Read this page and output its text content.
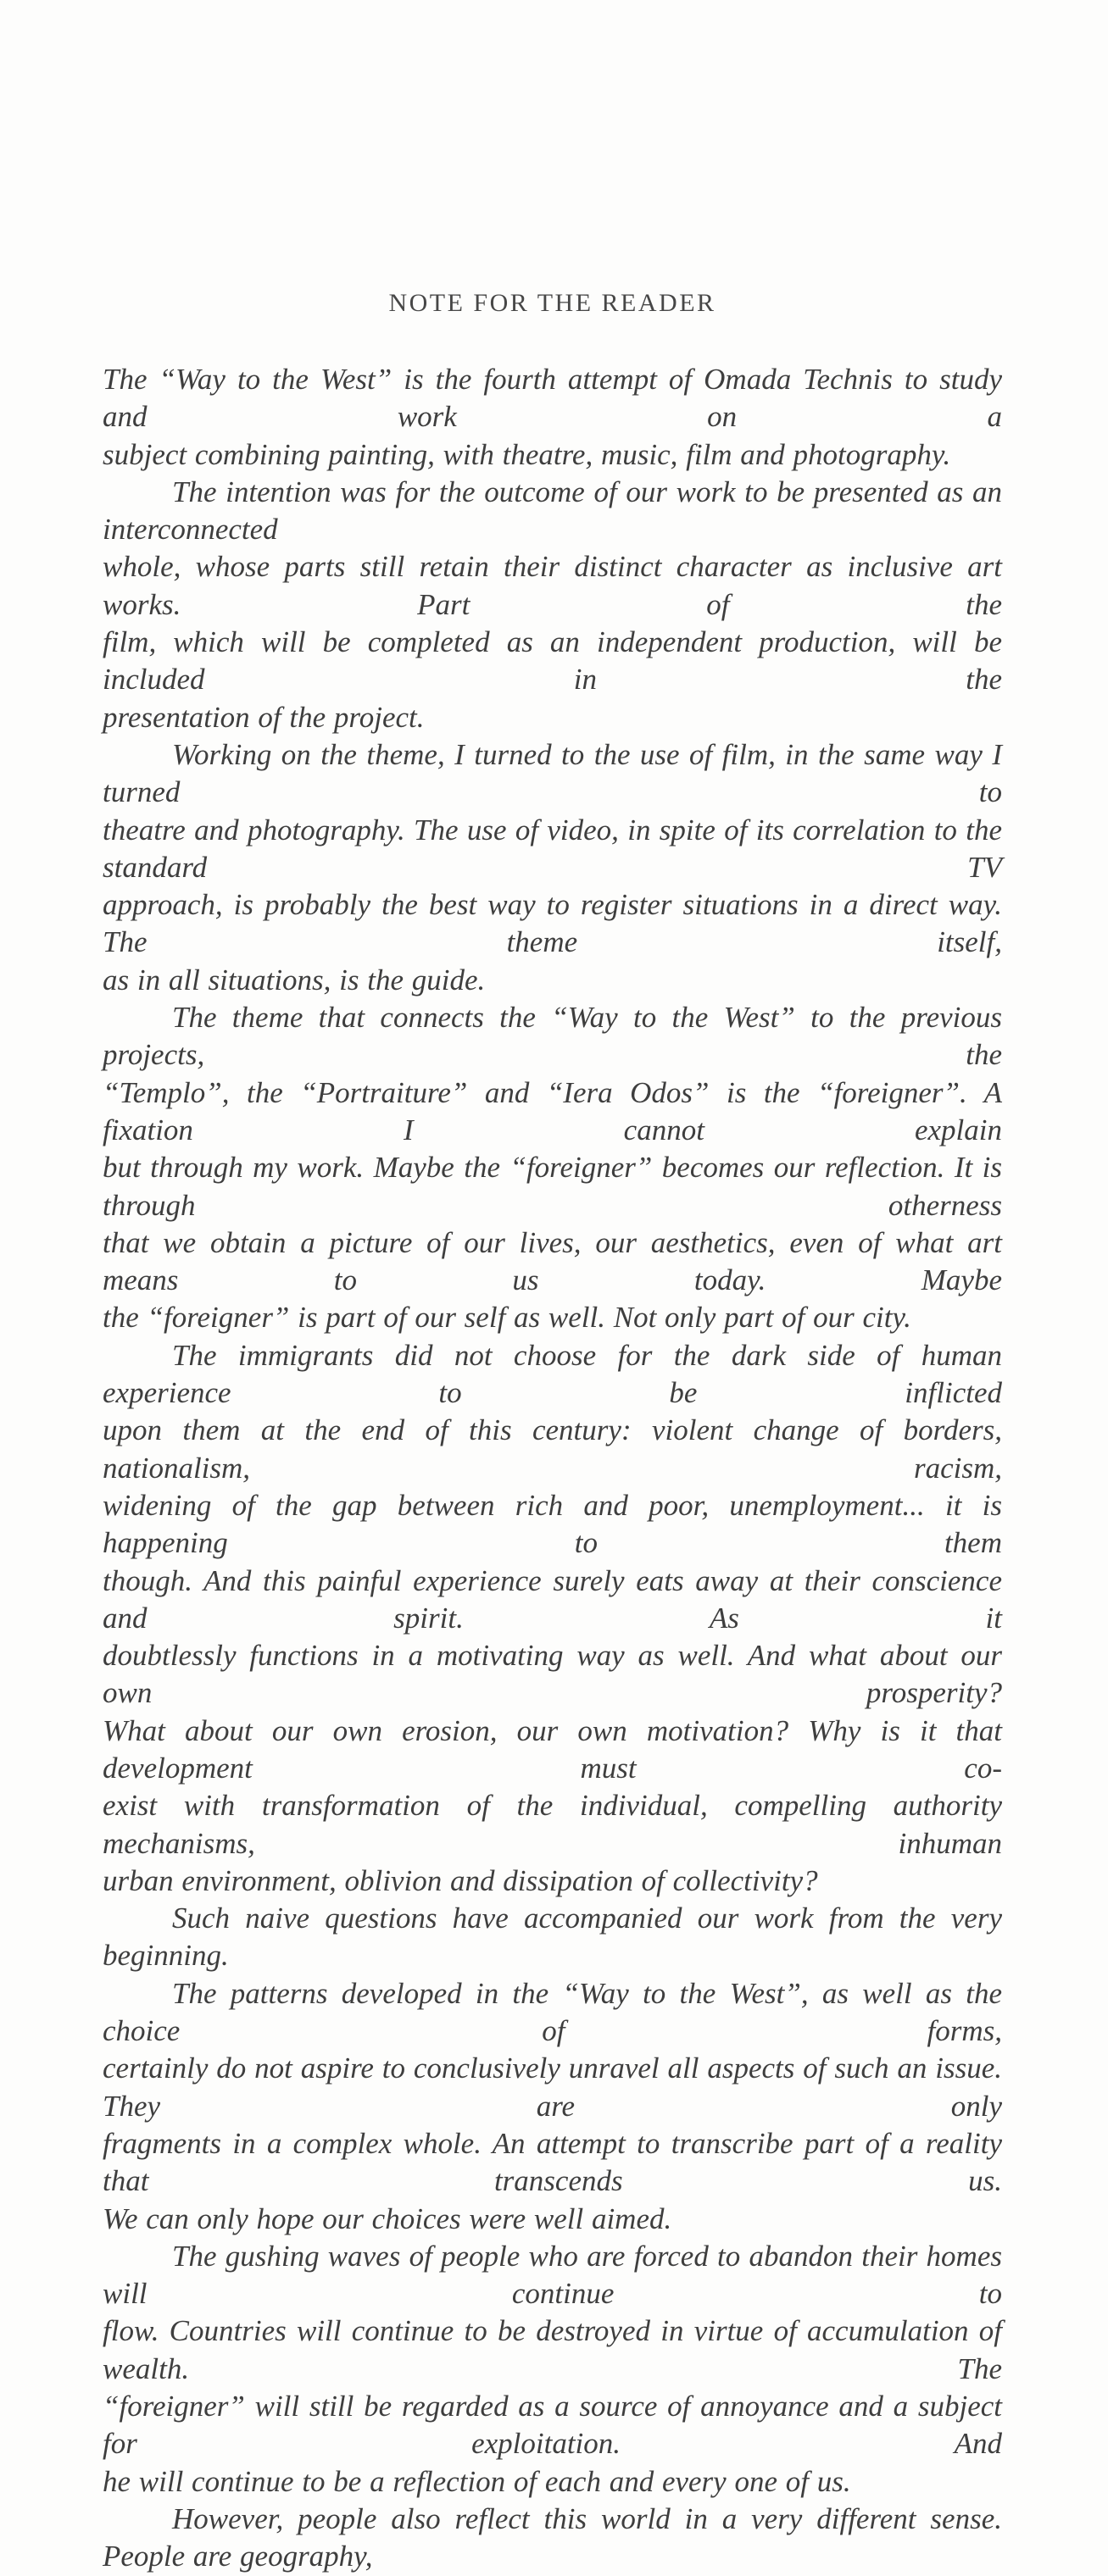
NOTE FOR THE READER
The “Way to the West” is the fourth attempt of Omada Technis to study and work on a
subject combining painting, with theatre, music, film and photography.
The intention was for the outcome of our work to be presented as an interconnected
whole, whose parts still retain their distinct character as inclusive art works. Part of the
film, which will be completed as an independent production, will be included in the
presentation of the project.
Working on the theme, I turned to the use of film, in the same way I turned to
theatre and photography. The use of video, in spite of its correlation to the standard TV
approach, is probably the best way to register situations in a direct way. The theme itself,
as in all situations, is the guide.
The theme that connects the “Way to the West” to the previous projects, the
“Templo”, the “Portraiture” and “Iera Odos” is the “foreigner”. A fixation I cannot explain
but through my work. Maybe the “foreigner” becomes our reflection. It is through otherness
that we obtain a picture of our lives, our aesthetics, even of what art means to us today. Maybe
the “foreigner” is part of our self as well. Not only part of our city.
The immigrants did not choose for the dark side of human experience to be inflicted
upon them at the end of this century: violent change of borders, nationalism, racism,
widening of the gap between rich and poor, unemployment... it is happening to them
though. And this painful experience surely eats away at their conscience and spirit. As it
doubtlessly functions in a motivating way as well. And what about our own prosperity?
What about our own erosion, our own motivation? Why is it that development must co-
exist with transformation of the individual, compelling authority mechanisms, inhuman
urban environment, oblivion and dissipation of collectivity?
Such naive questions have accompanied our work from the very beginning.
The patterns developed in the “Way to the West”, as well as the choice of forms,
certainly do not aspire to conclusively unravel all aspects of such an issue. They are only
fragments in a complex whole. An attempt to transcribe part of a reality that transcends us.
We can only hope our choices were well aimed.
The gushing waves of people who are forced to abandon their homes will continue to
flow. Countries will continue to be destroyed in virtue of accumulation of wealth. The
“foreigner” will still be regarded as a source of annoyance and a subject for exploitation. And
he will continue to be a reflection of each and every one of us.
However, people also reflect this world in a very different sense. People are geography,
